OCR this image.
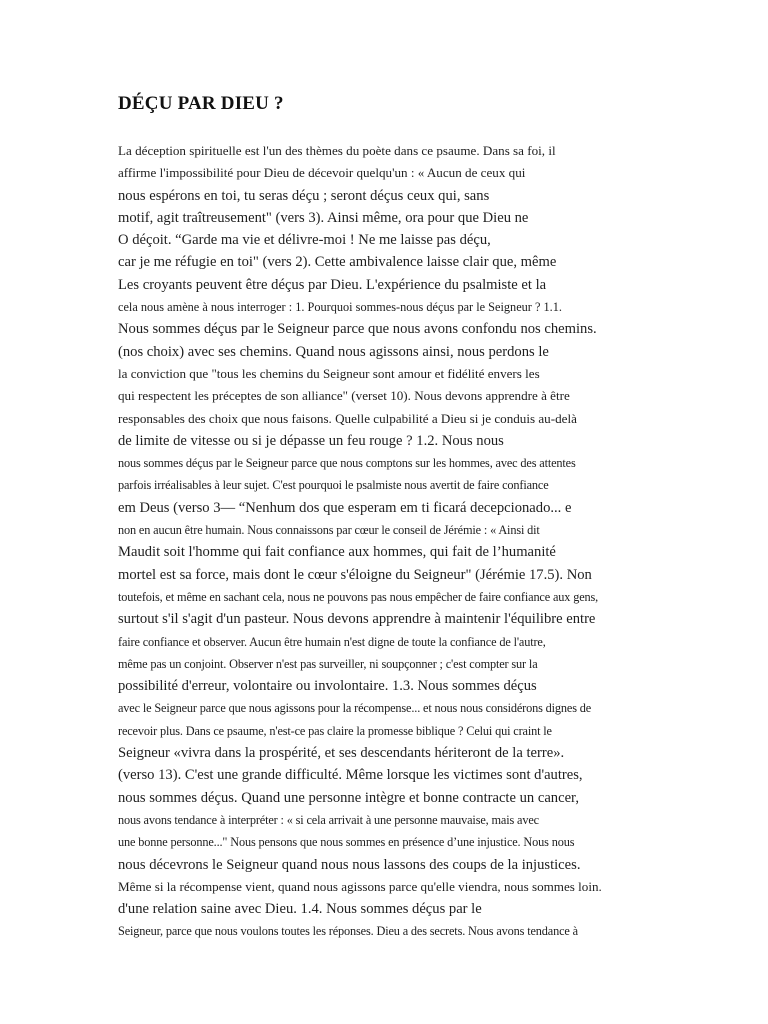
DÉÇU PAR DIEU ?
La déception spirituelle est l'un des thèmes du poète dans ce psaume. Dans sa foi, il
affirme l'impossibilité pour Dieu de décevoir quelqu'un : « Aucun de ceux qui
nous espérons en toi, tu seras déçu ; seront déçus ceux qui, sans
motif, agit traîtreusement" (vers 3). Ainsi même, ora pour que Dieu ne
O déçoit. “Garde ma vie et délivre-moi ! Ne me laisse pas déçu,
car je me réfugie en toi" (vers 2). Cette ambivalence laisse clair que, même
Les croyants peuvent être déçus par Dieu. L'expérience du psalmiste et la
cela nous amène à nous interroger : 1. Pourquoi sommes-nous déçus par le Seigneur ? 1.1.
Nous sommes déçus par le Seigneur parce que nous avons confondu nos chemins.
(nos choix) avec ses chemins. Quand nous agissons ainsi, nous perdons le
la conviction que "tous les chemins du Seigneur sont amour et fidélité envers les
qui respectent les préceptes de son alliance" (verset 10). Nous devons apprendre à être
responsables des choix que nous faisons. Quelle culpabilité a Dieu si je conduis au-delà
de limite de vitesse ou si je dépasse un feu rouge ? 1.2. Nous nous
nous sommes déçus par le Seigneur parce que nous comptons sur les hommes, avec des attentes
parfois irréalisables à leur sujet. C'est pourquoi le psalmiste nous avertit de faire confiance
em Deus (verso 3— “Nenhum dos que esperam em ti ficará decepcionado... e
non en aucun être humain. Nous connaissons par cœur le conseil de Jérémie : « Ainsi dit
Maudit soit l'homme qui fait confiance aux hommes, qui fait de l’humanité
mortel est sa force, mais dont le cœur s'éloigne du Seigneur" (Jérémie 17.5). Non
toutefois, et même en sachant cela, nous ne pouvons pas nous empêcher de faire confiance aux gens,
surtout s'il s'agit d'un pasteur. Nous devons apprendre à maintenir l'équilibre entre
faire confiance et observer. Aucun être humain n'est digne de toute la confiance de l'autre,
même pas un conjoint. Observer n'est pas surveiller, ni soupçonner ; c'est compter sur la
possibilité d'erreur, volontaire ou involontaire. 1.3. Nous sommes déçus
avec le Seigneur parce que nous agissons pour la récompense... et nous nous considérons dignes de
recevoir plus. Dans ce psaume, n'est-ce pas claire la promesse biblique ? Celui qui craint le
Seigneur «vivra dans la prospérité, et ses descendants hériteront de la terre».
(verso 13). C'est une grande difficulté. Même lorsque les victimes sont d'autres,
nous sommes déçus. Quand une personne intègre et bonne contracte un cancer,
nous avons tendance à interpréter : « si cela arrivait à une personne mauvaise, mais avec
une bonne personne..." Nous pensons que nous sommes en présence d’une injustice. Nous nous
nous décevrons le Seigneur quand nous nous lassons des coups de la injustices.
Même si la récompense vient, quand nous agissons parce qu'elle viendra, nous sommes loin.
d'une relation saine avec Dieu. 1.4. Nous sommes déçus par le
Seigneur, parce que nous voulons toutes les réponses. Dieu a des secrets. Nous avons tendance à
